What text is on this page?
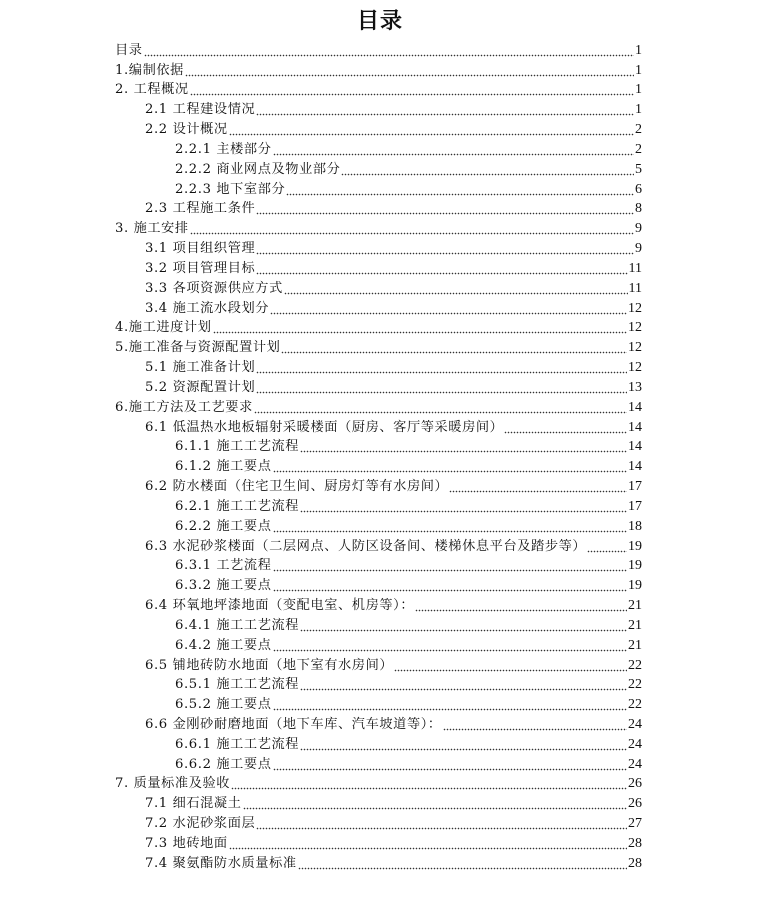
目录
目录	1
1.编制依据	1
2. 工程概况	1
2.1 工程建设情况	1
2.2 设计概况	2
2.2.1 主楼部分	2
2.2.2 商业网点及物业部分	5
2.2.3 地下室部分	6
2.3 工程施工条件	8
3. 施工安排	9
3.1 项目组织管理	9
3.2 项目管理目标	11
3.3 各项资源供应方式	11
3.4 施工流水段划分	12
4.施工进度计划	12
5.施工准备与资源配置计划	12
5.1 施工准备计划	12
5.2 资源配置计划	13
6.施工方法及工艺要求	14
6.1 低温热水地板辐射采暖楼面（厨房、客厅等采暖房间）	14
6.1.1 施工工艺流程	14
6.1.2 施工要点	14
6.2 防水楼面（住宅卫生间、厨房灯等有水房间）	17
6.2.1 施工工艺流程	17
6.2.2 施工要点	18
6.3 水泥砂浆楼面（二层网点、人防区设备间、楼梯休息平台及踏步等）	19
6.3.1 工艺流程	19
6.3.2 施工要点	19
6.4 环氧地坪漆地面（变配电室、机房等）：	21
6.4.1 施工工艺流程	21
6.4.2 施工要点	21
6.5 铺地砖防水地面（地下室有水房间）	22
6.5.1 施工工艺流程	22
6.5.2 施工要点	22
6.6 金刚砂耐磨地面（地下车库、汽车坡道等）：	24
6.6.1 施工工艺流程	24
6.6.2 施工要点	24
7. 质量标准及验收	26
7.1 细石混凝土	26
7.2 水泥砂浆面层	27
7.3 地砖地面	28
7.4 聚氨酯防水质量标准	28
